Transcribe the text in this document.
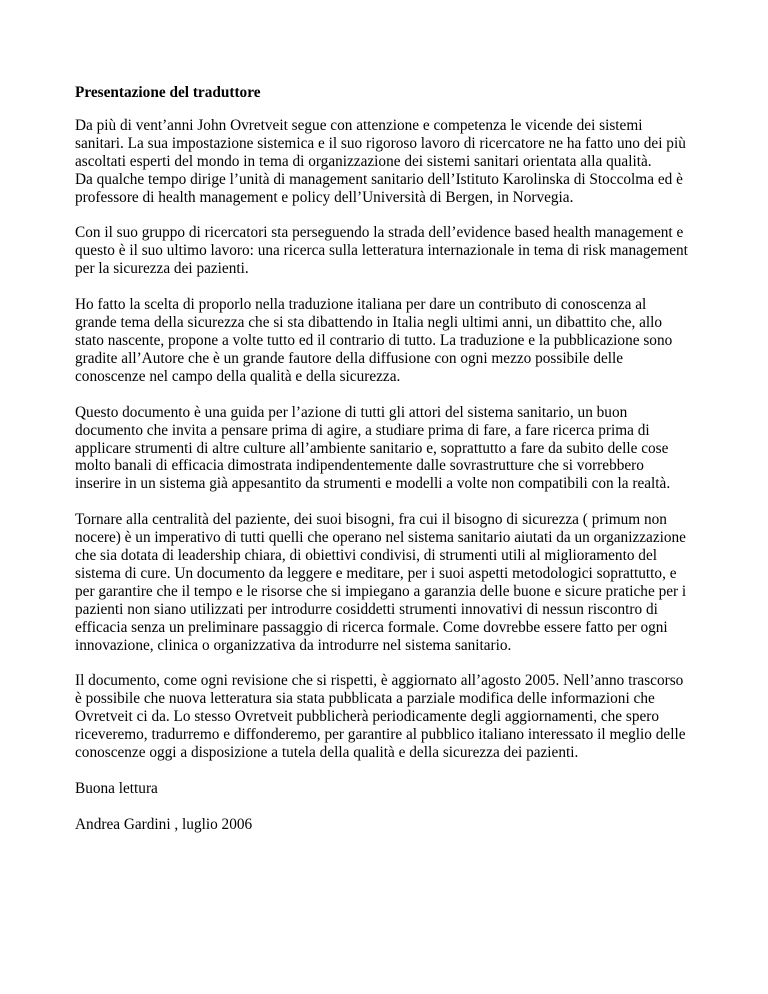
Presentazione del traduttore
Da più di vent’anni John Ovretveit segue con attenzione e competenza le vicende dei sistemi
sanitari. La sua impostazione sistemica e il suo rigoroso lavoro di ricercatore ne ha fatto uno dei più
ascoltati esperti del mondo in tema di organizzazione dei sistemi sanitari orientata alla qualità.
Da qualche tempo dirige l’unità di management sanitario dell’Istituto Karolinska di Stoccolma ed è
professore di health management e policy dell’Università di Bergen, in Norvegia.
Con il suo gruppo di ricercatori sta perseguendo la strada dell’evidence based health management e
questo è il suo ultimo lavoro: una ricerca sulla letteratura internazionale in tema di risk management
per la sicurezza dei pazienti.
Ho fatto la scelta di proporlo nella traduzione italiana per dare un contributo di conoscenza al
grande tema della sicurezza che si sta dibattendo in Italia negli ultimi anni, un dibattito che, allo
stato nascente, propone a volte tutto ed il contrario di tutto. La traduzione e la pubblicazione sono
gradite all’Autore che è un grande fautore della diffusione con ogni mezzo possibile delle
conoscenze nel campo della qualità e della sicurezza.
Questo documento è una guida per l’azione di tutti gli attori del sistema sanitario, un buon
documento che invita a pensare prima di agire, a studiare prima di fare, a fare ricerca prima di
applicare strumenti di altre culture all’ambiente sanitario e, soprattutto a fare da subito delle cose
molto banali di efficacia dimostrata indipendentemente dalle sovrastrutture che si vorrebbero
inserire in un sistema già appesantito da strumenti e modelli a volte non compatibili con la realtà.
Tornare alla centralità del paziente, dei suoi bisogni, fra cui il bisogno di sicurezza ( primum non
nocere) è un imperativo di tutti quelli che operano nel sistema sanitario aiutati da un organizzazione
che sia dotata di leadership chiara, di obiettivi condivisi, di strumenti utili al miglioramento del
sistema di cure. Un documento da leggere e meditare, per i suoi aspetti metodologici soprattutto, e
per garantire che il tempo e le risorse che si impiegano a garanzia delle buone e sicure pratiche per i
pazienti non siano utilizzati per introdurre cosiddetti strumenti innovativi di nessun riscontro di
efficacia senza un preliminare passaggio di ricerca formale. Come dovrebbe essere fatto per ogni
innovazione, clinica o organizzativa da introdurre nel sistema sanitario.
Il documento, come ogni revisione che si rispetti, è aggiornato all’agosto 2005. Nell’anno trascorso
è possibile che nuova letteratura sia stata pubblicata a parziale modifica delle informazioni che
Ovretveit ci da. Lo stesso Ovretveit pubblicherà periodicamente degli aggiornamenti, che spero
riceveremo, tradurremo e diffonderemo, per garantire al pubblico italiano interessato il meglio delle
conoscenze oggi a disposizione a tutela della qualità e della sicurezza dei pazienti.
Buona lettura
Andrea Gardini , luglio 2006
